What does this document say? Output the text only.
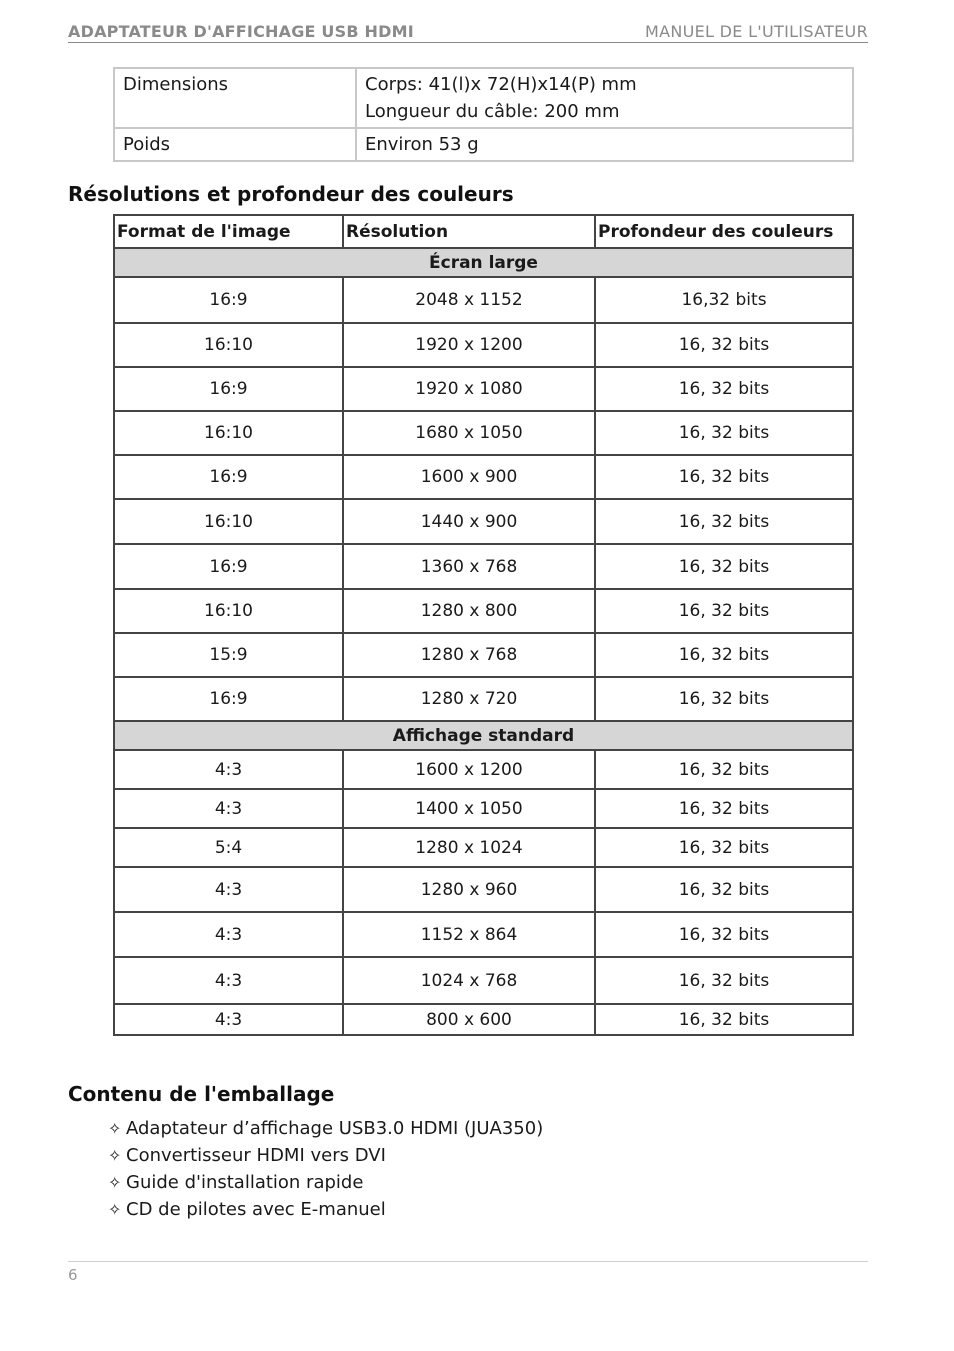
ADAPTATEUR D'AFFICHAGE USB HDMI	MANUEL DE L'UTILISATEUR
Dimensions	Corps: 41(l)x 72(H)x14(P) mm
Longueur du câble: 200 mm

Poids	Environ 53 g
Résolutions et profondeur des couleurs
Format de l'image	Résolution	Profondeur des couleurs
Écran large		
16:9	2048 x 1152	16,32 bits
16:10	1920 x 1200	16, 32 bits
16:9	1920 x 1080	16, 32 bits
16:10	1680 x 1050	16, 32 bits
16:9	1600 x 900	16, 32 bits
16:10	1440 x 900	16, 32 bits
16:9	1360 x 768	16, 32 bits
16:10	1280 x 800	16, 32 bits
15:9	1280 x 768	16, 32 bits
16:9	1280 x 720	16, 32 bits
Affichage standard		
4:3	1600 x 1200	16, 32 bits
4:3	1400 x 1050	16, 32 bits
5:4	1280 x 1024	16, 32 bits
4:3	1280 x 960	16, 32 bits
4:3	1152 x 864	16, 32 bits
4:3	1024 x 768	16, 32 bits
4:3	800 x 600	16, 32 bits
Contenu de l'emballage
✧ Adaptateur d’affichage USB3.0 HDMI (JUA350)
✧ Convertisseur HDMI vers DVI
✧ Guide d'installation rapide
✧ CD de pilotes avec E-manuel
6
